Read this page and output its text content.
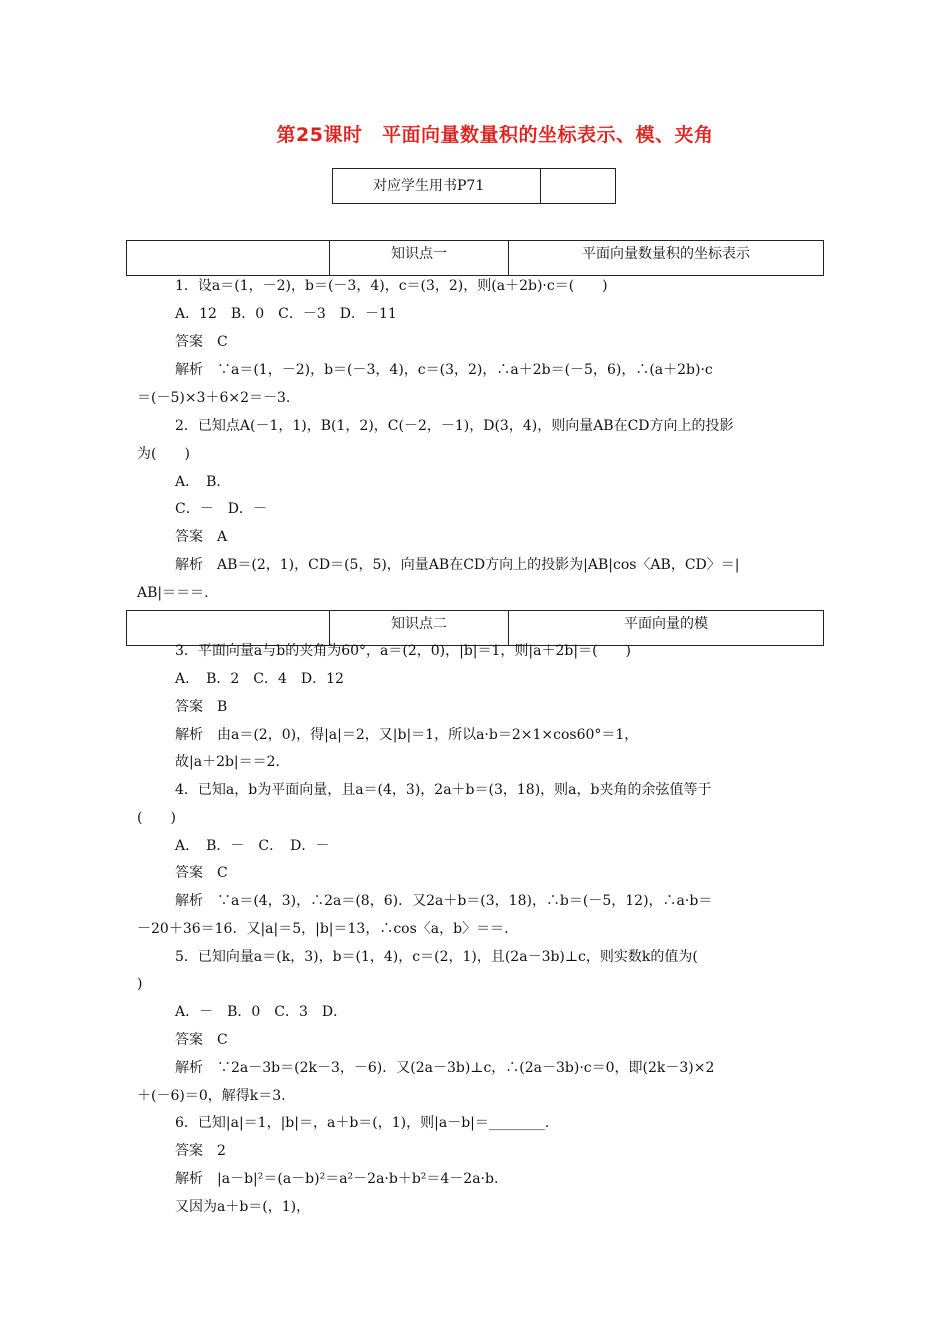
第25课时　平面向量数量积的坐标表示、模、夹角
对应学生用书P71
知识点一	平面向量数量积的坐标表示
知识点二	平面向量的模
1．设a＝(1，－2)，b＝(－3，4)，c＝(3，2)，则(a＋2b)·c＝(　　)
A．12　B．0　C．－3　D．－11
答案　C
解析　∵a＝(1，－2)，b＝(－3，4)，c＝(3，2)，∴a＋2b＝(－5，6)，∴(a＋2b)·c
＝(－5)×3＋6×2＝－3.
2．已知点A(－1，1)，B(1，2)，C(－2，－1)，D(3，4)，则向量AB在CD方向上的投影
为(　　)
A．　B．
C．－　D．－
答案　A
解析　AB＝(2，1)，CD＝(5，5)，向量AB在CD方向上的投影为|AB|cos〈AB，CD〉＝|
AB|＝＝＝.
3．平面向量a与b的夹角为60°，a＝(2，0)，|b|＝1，则|a＋2b|＝(　　)
A．　B．2　C．4　D．12
答案　B
解析　由a＝(2，0)，得|a|＝2，又|b|＝1，所以a·b＝2×1×cos60°＝1，
故|a＋2b|＝＝2.
4．已知a，b为平面向量，且a＝(4，3)，2a＋b＝(3，18)，则a，b夹角的余弦值等于
(　　)
A．　B．－　C．　D．－
答案　C
解析　∵a＝(4，3)，∴2a＝(8，6)．又2a＋b＝(3，18)，∴b＝(－5，12)，∴a·b＝
－20＋36＝16．又|a|＝5，|b|＝13，∴cos〈a，b〉＝＝.
5．已知向量a＝(k，3)，b＝(1，4)，c＝(2，1)，且(2a－3b)⊥c，则实数k的值为(
)
A．－　B．0　C．3　D．
答案　C
解析　∵2a－3b＝(2k－3，－6)．又(2a－3b)⊥c，∴(2a－3b)·c＝0，即(2k－3)×2
＋(－6)＝0，解得k＝3.
6．已知|a|＝1，|b|＝，a＋b＝(，1)，则|a－b|＝________.
答案　2
解析　|a－b|²＝(a－b)²＝a²－2a·b＋b²＝4－2a·b.
又因为a＋b＝(，1)，
